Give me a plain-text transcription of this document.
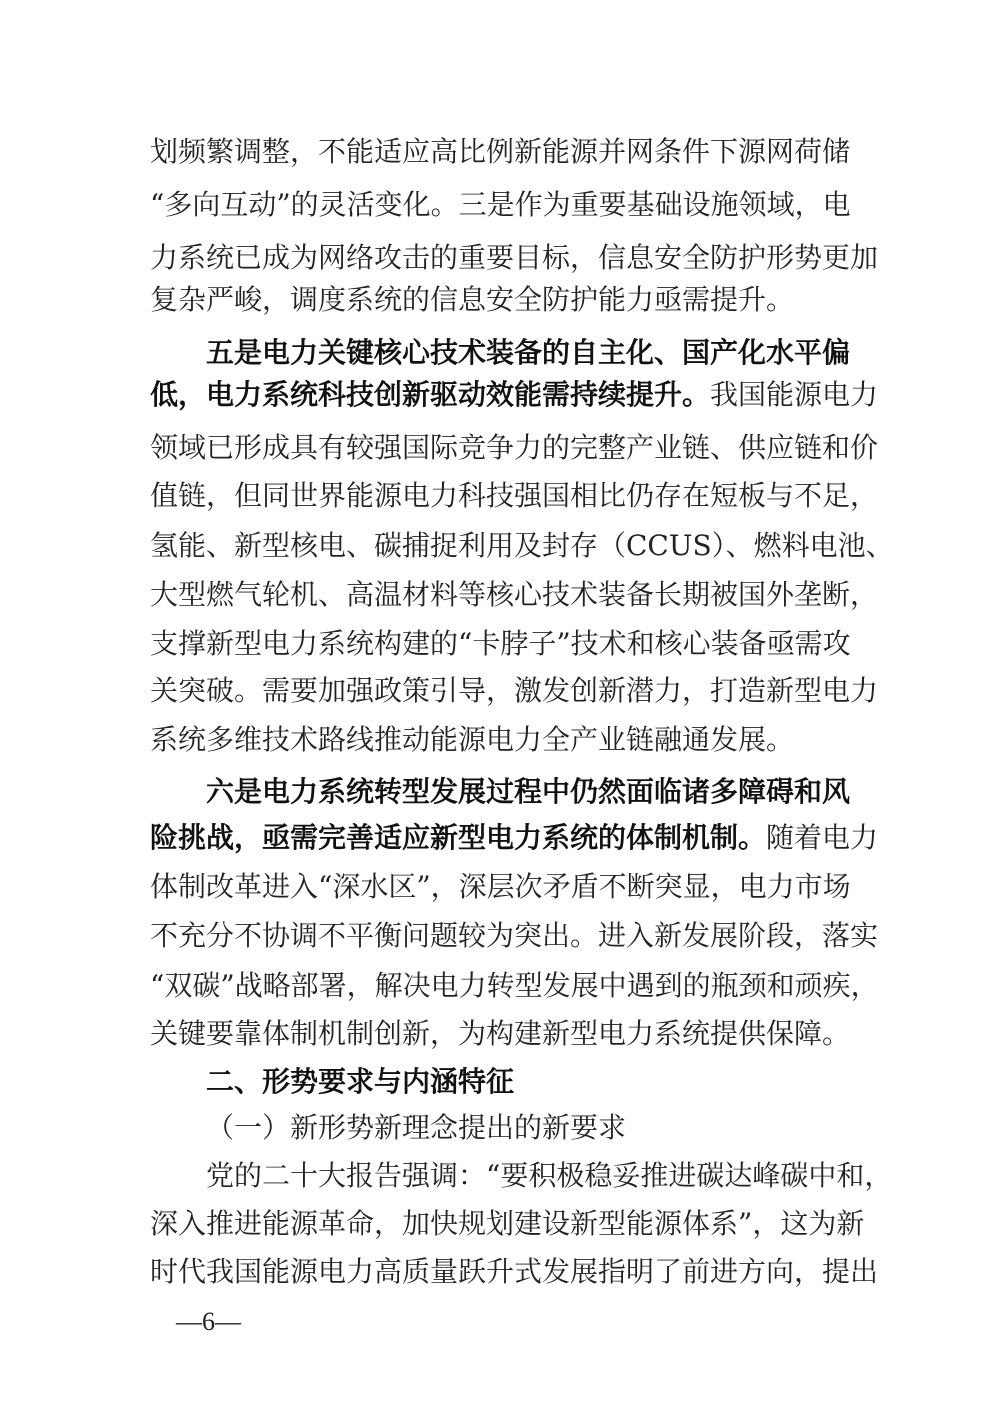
划频繁调整，不能适应高比例新能源并网条件下源网荷储
“多向互动”的灵活变化。三是作为重要基础设施领域，电
力系统已成为网络攻击的重要目标，信息安全防护形势更加
复杂严峻，调度系统的信息安全防护能力亟需提升。
五是电力关键核心技术装备的自主化、国产化水平偏
低，电力系统科技创新驱动效能需持续提升。我国能源电力
领域已形成具有较强国际竞争力的完整产业链、供应链和价
值链，但同世界能源电力科技强国相比仍存在短板与不足，
氢能、新型核电、碳捕捉利用及封存（CCUS）、燃料电池、
大型燃气轮机、高温材料等核心技术装备长期被国外垄断，
支撑新型电力系统构建的“卡脖子”技术和核心装备亟需攻
关突破。需要加强政策引导，激发创新潜力，打造新型电力
系统多维技术路线推动能源电力全产业链融通发展。
六是电力系统转型发展过程中仍然面临诸多障碍和风
险挑战，亟需完善适应新型电力系统的体制机制。随着电力
体制改革进入“深水区”，深层次矛盾不断突显，电力市场
不充分不协调不平衡问题较为突出。进入新发展阶段，落实
“双碳”战略部署，解决电力转型发展中遇到的瓶颈和顽疾，
关键要靠体制机制创新，为构建新型电力系统提供保障。
二、形势要求与内涵特征
（一）新形势新理念提出的新要求
党的二十大报告强调：“要积极稳妥推进碳达峰碳中和，
深入推进能源革命，加快规划建设新型能源体系”，这为新
时代我国能源电力高质量跃升式发展指明了前进方向，提出
—6—
